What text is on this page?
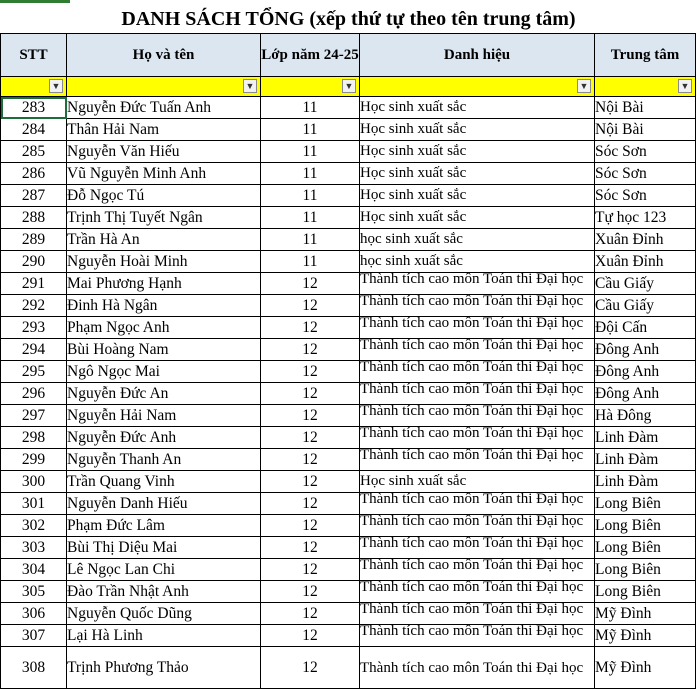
DANH SÁCH TỔNG (xếp thứ tự theo tên trung tâm)
STT	Họ và tên	Lớp năm 24-25	Danh hiệu	Trung tâm

▼	▼	▼	▼	▼

283	Nguyễn Đức Tuấn Anh	11	Học sinh xuất sắc	Nội Bài
284	Thân Hải Nam	11	Học sinh xuất sắc	Nội Bài
285	Nguyễn Văn Hiếu	11	Học sinh xuất sắc	Sóc Sơn
286	Vũ Nguyễn Minh Anh	11	Học sinh xuất sắc	Sóc Sơn
287	Đỗ Ngọc Tú	11	Học sinh xuất sắc	Sóc Sơn
288	Trịnh Thị Tuyết Ngân	11	Học sinh xuất sắc	Tự học 123
289	Trần Hà An	11	học sinh xuất sắc	Xuân Đỉnh
290	Nguyễn Hoài Minh	11	học sinh xuất sắc	Xuân Đỉnh
291	Mai Phương Hạnh	12	Thành tích cao môn Toán thi Đại học	Cầu Giấy
292	Đinh Hà Ngân	12	Thành tích cao môn Toán thi Đại học	Cầu Giấy
293	Phạm Ngọc Anh	12	Thành tích cao môn Toán thi Đại học	Đội Cấn
294	Bùi Hoàng Nam	12	Thành tích cao môn Toán thi Đại học	Đông Anh
295	Ngô Ngọc Mai	12	Thành tích cao môn Toán thi Đại học	Đông Anh
296	Nguyễn Đức An	12	Thành tích cao môn Toán thi Đại học	Đông Anh
297	Nguyễn Hải Nam	12	Thành tích cao môn Toán thi Đại học	Hà Đông
298	Nguyễn Đức Anh	12	Thành tích cao môn Toán thi Đại học	Linh Đàm
299	Nguyễn Thanh An	12	Thành tích cao môn Toán thi Đại học	Linh Đàm
300	Trần Quang Vinh	12	Học sinh xuất sắc	Linh Đàm
301	Nguyễn Danh Hiếu	12	Thành tích cao môn Toán thi Đại học	Long Biên
302	Phạm Đức Lâm	12	Thành tích cao môn Toán thi Đại học	Long Biên
303	Bùi Thị Diệu Mai	12	Thành tích cao môn Toán thi Đại học	Long Biên
304	Lê Ngọc Lan Chi	12	Thành tích cao môn Toán thi Đại học	Long Biên
305	Đào Trần Nhật Anh	12	Thành tích cao môn Toán thi Đại học	Long Biên
306	Nguyễn Quốc Dũng	12	Thành tích cao môn Toán thi Đại học	Mỹ Đình
307	Lại Hà Linh	12	Thành tích cao môn Toán thi Đại học	Mỹ Đình
308	Trịnh Phương Thảo	12	Thành tích cao môn Toán thi Đại học	Mỹ Đình
